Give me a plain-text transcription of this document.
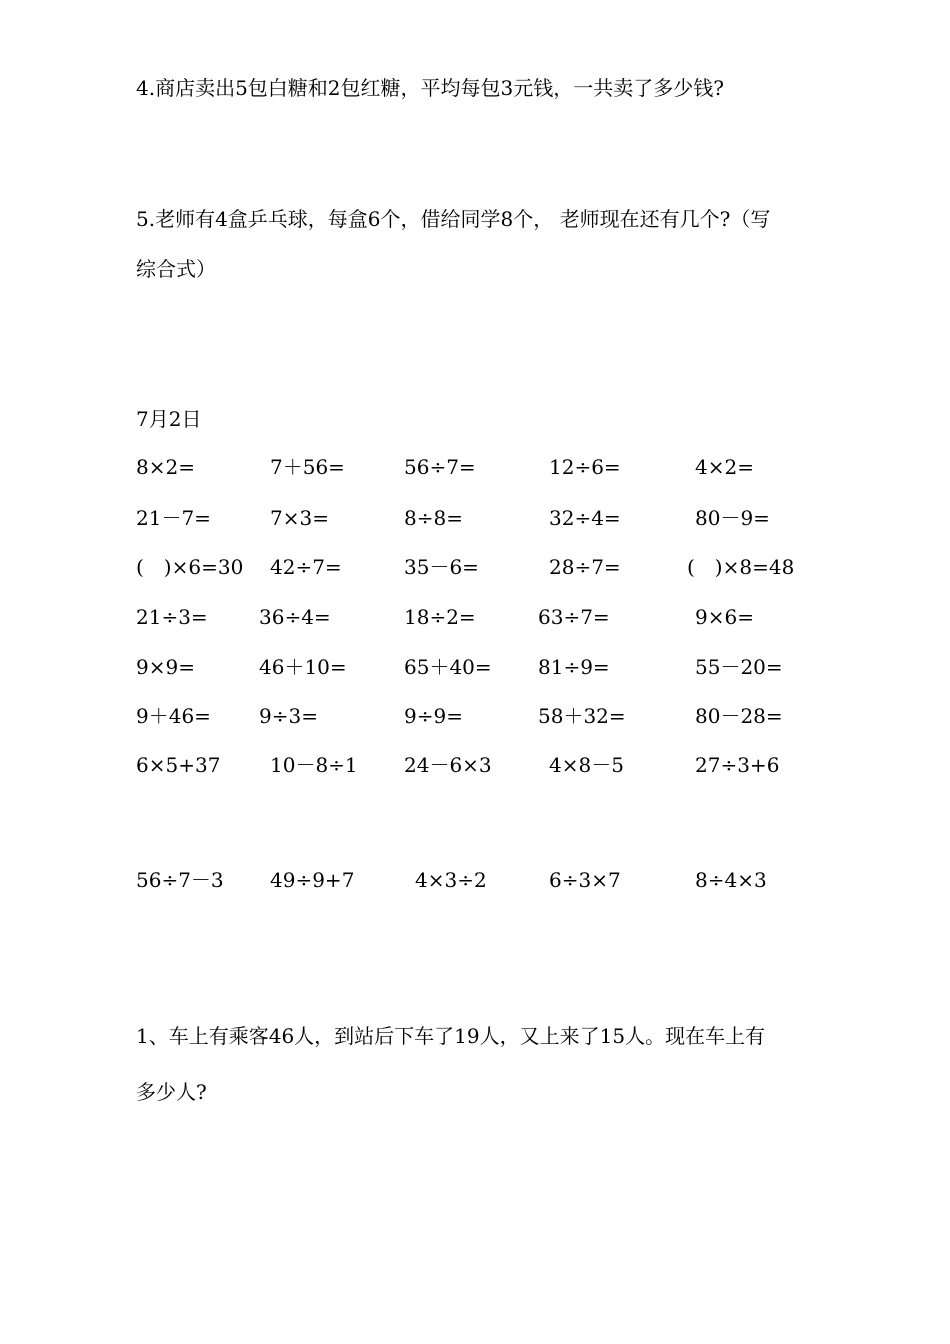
4.商店卖出5包白糖和2包红糖，平均每包3元钱，一共卖了多少钱?
5.老师有4盒乒乓球，每盒6个，借给同学8个， 老师现在还有几个?（写
综合式）
7月2日
8×2=	7＋56=	56÷7=	12÷6=	4×2=
21－7=	7×3=	8÷8=	32÷4=	80－9=
(　)×6=30 42÷7=	35－6=	28÷7=	(　)×8=48
21÷3=	36÷4=	18÷2=	63÷7=	9×6=
9×9=	46＋10=	65＋40= 81÷9=	55－20=
9＋46= 9÷3=	9÷9=	58＋32=	80－28=
6×5+37 10－8÷1 24－6×3	4×8－5	27÷3+6
56÷7－3 49÷9+7	4×3÷2	6÷3×7	8÷4×3
1、车上有乘客46人，到站后下车了19人，又上来了15人。现在车上有
多少人?
